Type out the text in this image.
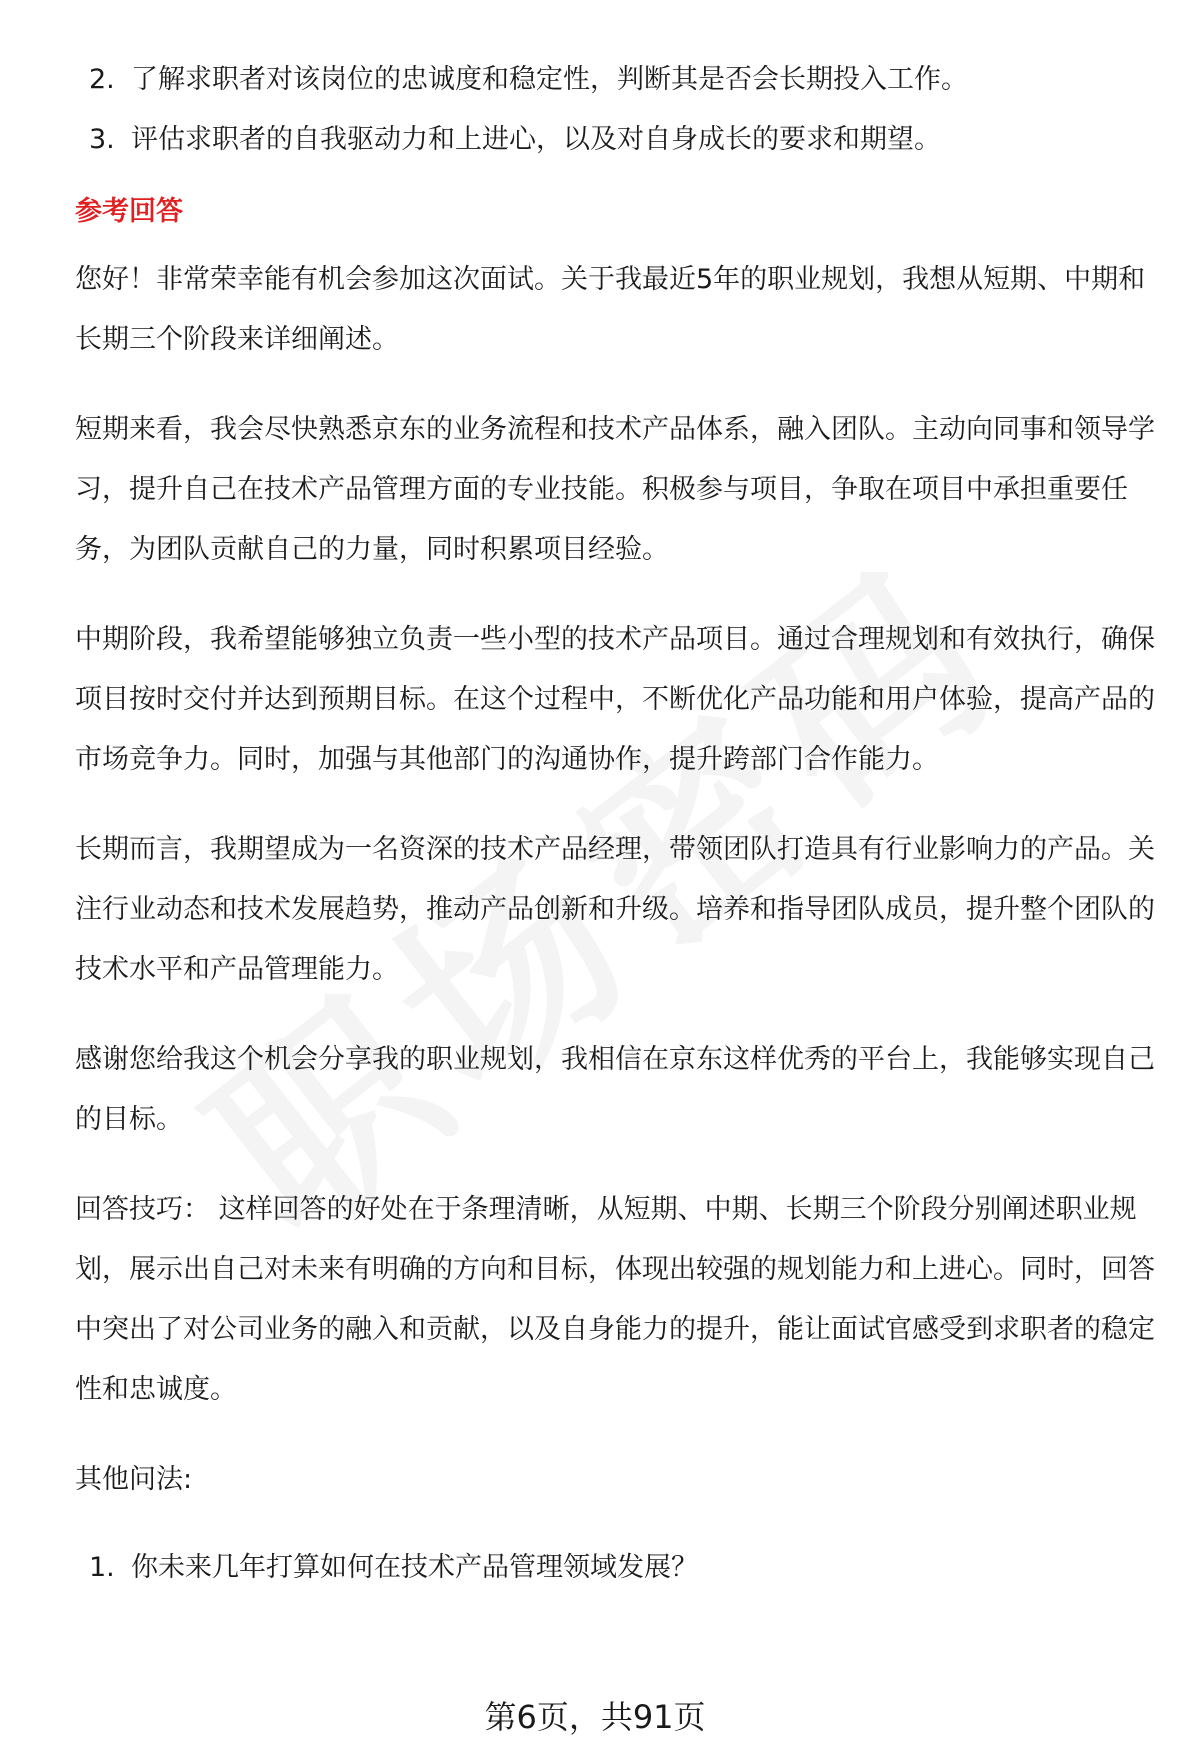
2. 了解求职者对该岗位的忠诚度和稳定性，判断其是否会长期投入工作。
3. 评估求职者的自我驱动力和上进心，以及对自身成长的要求和期望。
参考回答

您好！非常荣幸能有机会参加这次面试。关于我最近5年的职业规划，我想从短期、中期和长期三个阶段来详细阐述。

短期来看，我会尽快熟悉京东的业务流程和技术产品体系，融入团队。主动向同事和领导学习，提升自己在技术产品管理方面的专业技能。积极参与项目，争取在项目中承担重要任务，为团队贡献自己的力量，同时积累项目经验。

中期阶段，我希望能够独立负责一些小型的技术产品项目。通过合理规划和有效执行，确保项目按时交付并达到预期目标。在这个过程中，不断优化产品功能和用户体验，提高产品的市场竞争力。同时，加强与其他部门的沟通协作，提升跨部门合作能力。

长期而言，我期望成为一名资深的技术产品经理，带领团队打造具有行业影响力的产品。关注行业动态和技术发展趋势，推动产品创新和升级。培养和指导团队成员，提升整个团队的技术水平和产品管理能力。

感谢您给我这个机会分享我的职业规划，我相信在京东这样优秀的平台上，我能够实现自己的目标。

回答技巧： 这样回答的好处在于条理清晰，从短期、中期、长期三个阶段分别阐述职业规划，展示出自己对未来有明确的方向和目标，体现出较强的规划能力和上进心。同时，回答中突出了对公司业务的融入和贡献，以及自身能力的提升，能让面试官感受到求职者的稳定性和忠诚度。

其他问法:
1. 你未来几年打算如何在技术产品管理领域发展？
第6页，共91页
